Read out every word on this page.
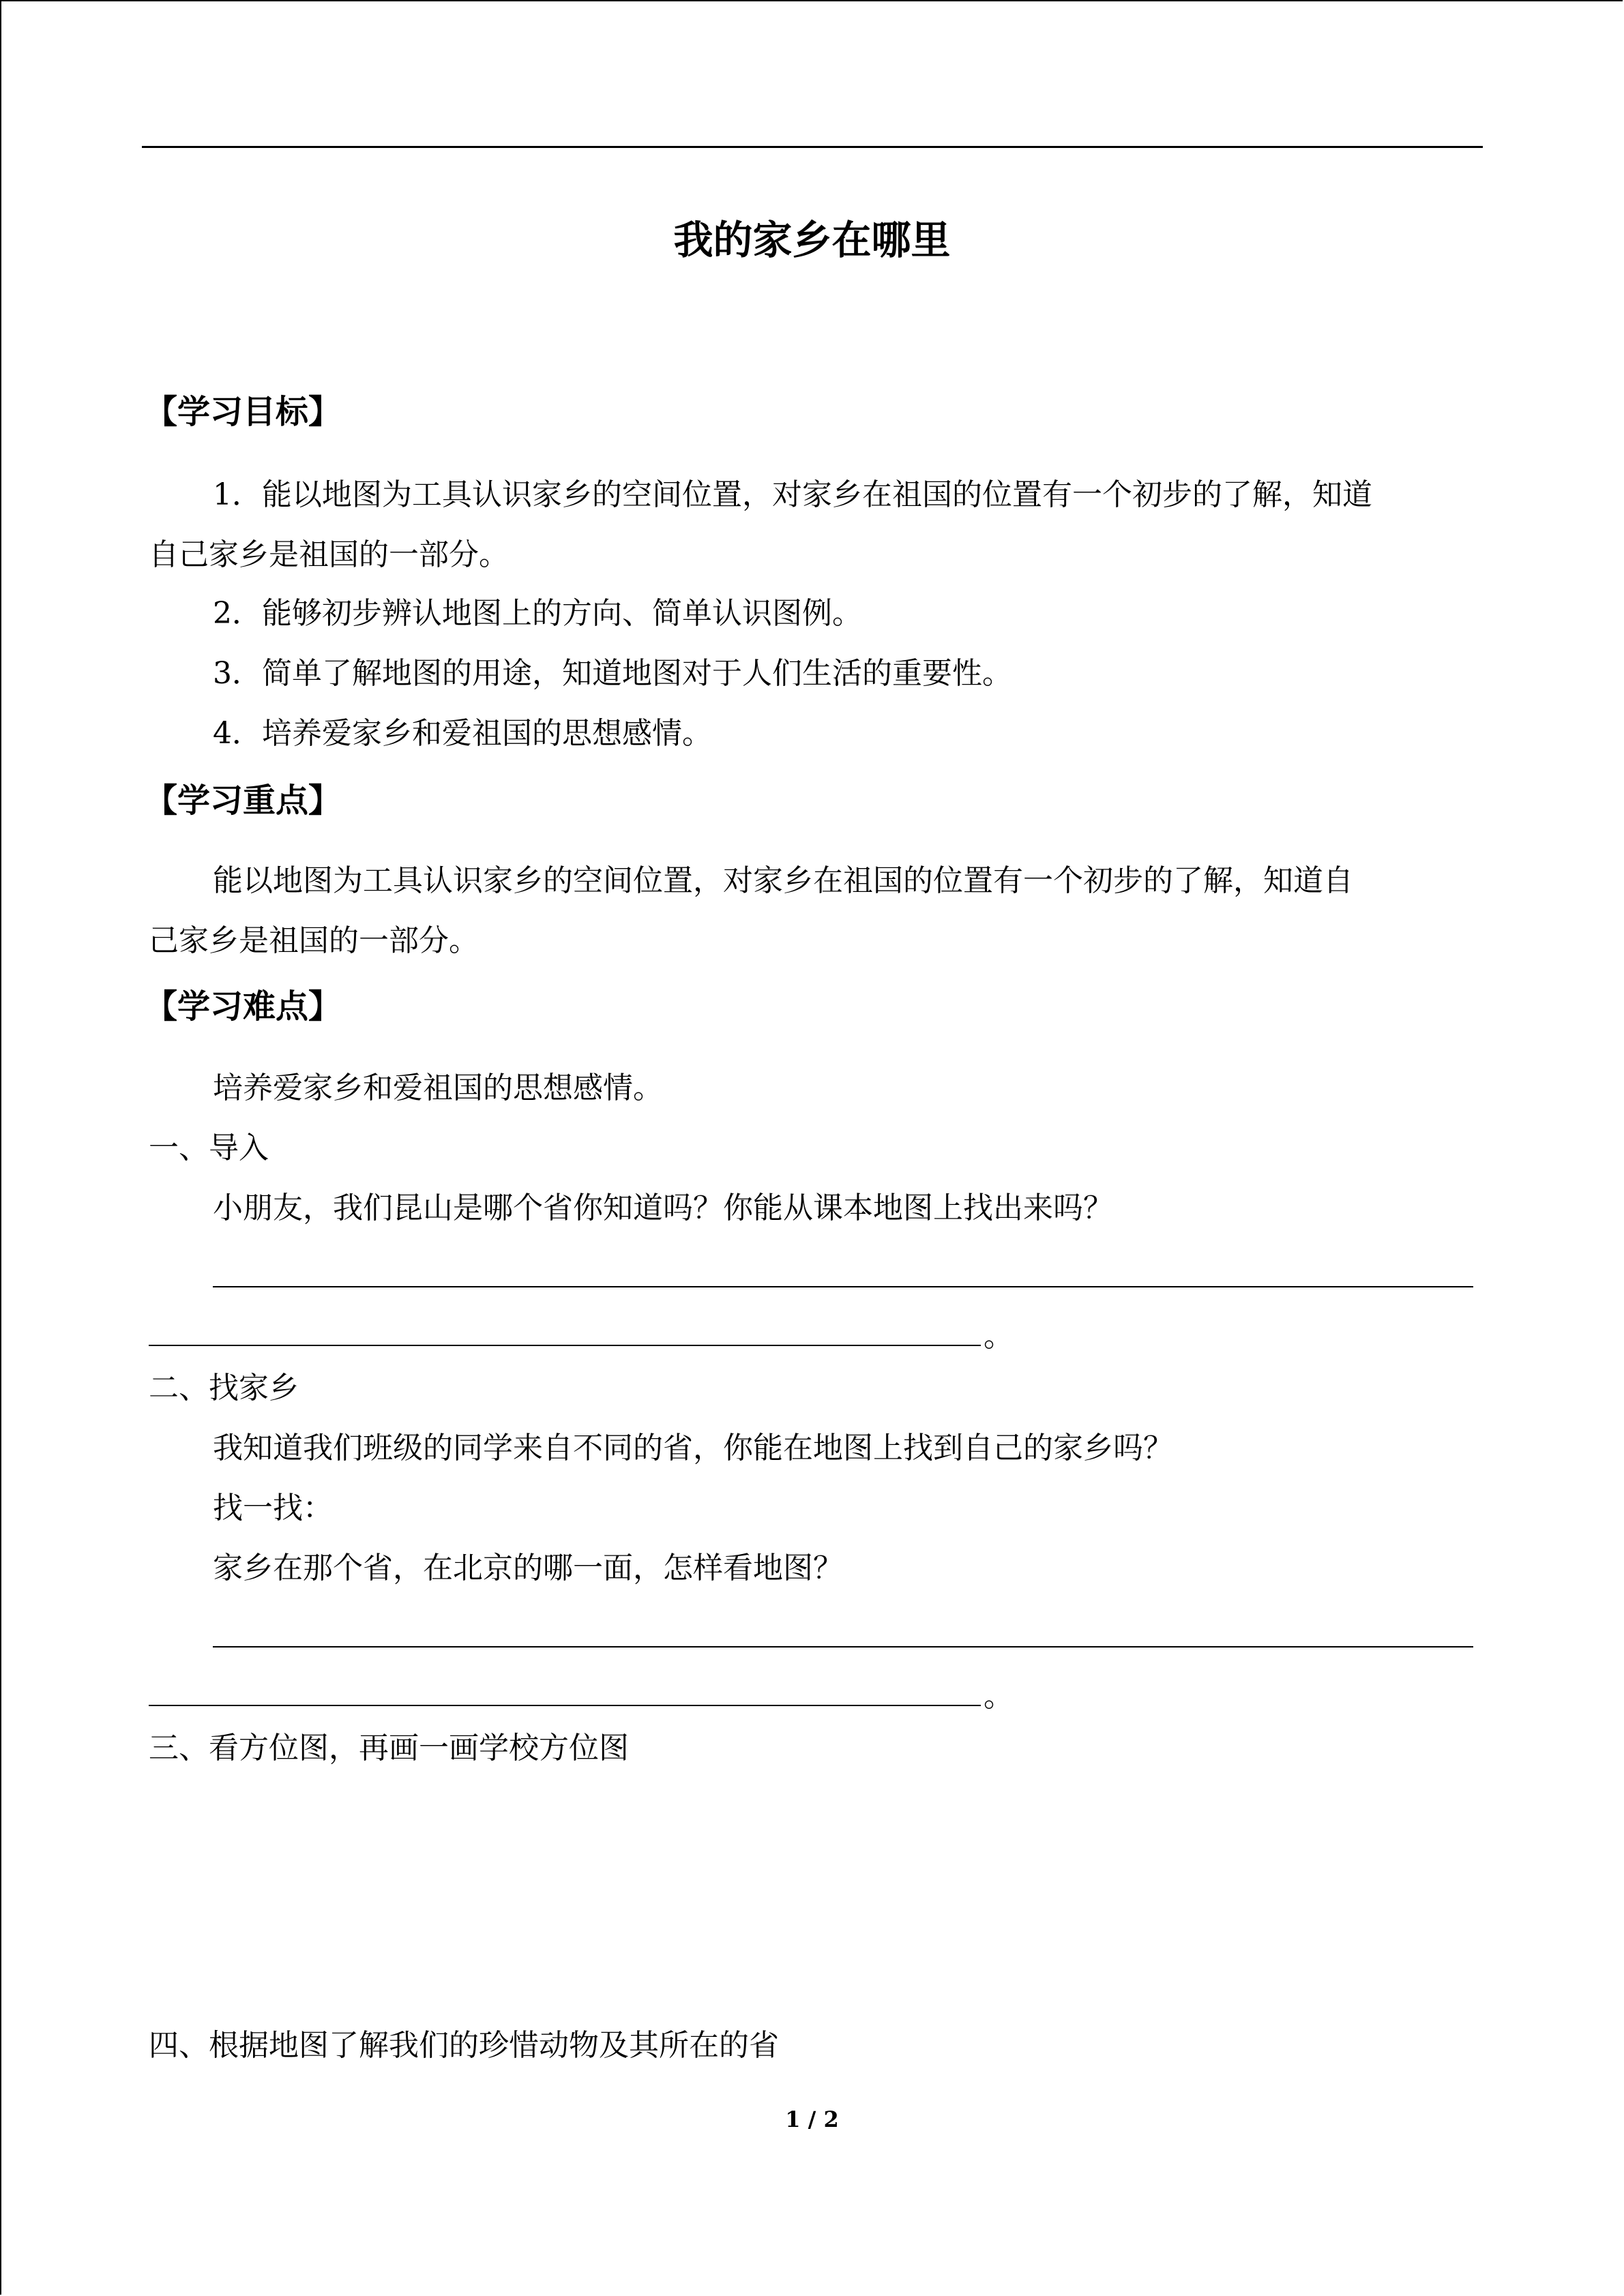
我的家乡在哪里
【学习目标】
1．能以地图为工具认识家乡的空间位置，对家乡在祖国的位置有一个初步的了解，知道
自己家乡是祖国的一部分。
2．能够初步辨认地图上的方向、简单认识图例。
3．简单了解地图的用途，知道地图对于人们生活的重要性。
4．培养爱家乡和爱祖国的思想感情。
【学习重点】
能以地图为工具认识家乡的空间位置，对家乡在祖国的位置有一个初步的了解，知道自
己家乡是祖国的一部分。
【学习难点】
培养爱家乡和爱祖国的思想感情。
一、导入
小朋友，我们昆山是哪个省你知道吗？你能从课本地图上找出来吗？
。
二、找家乡
我知道我们班级的同学来自不同的省，你能在地图上找到自己的家乡吗？
找一找：
家乡在那个省，在北京的哪一面，怎样看地图？
。
三、看方位图，再画一画学校方位图
四、根据地图了解我们的珍惜动物及其所在的省
1 / 2
